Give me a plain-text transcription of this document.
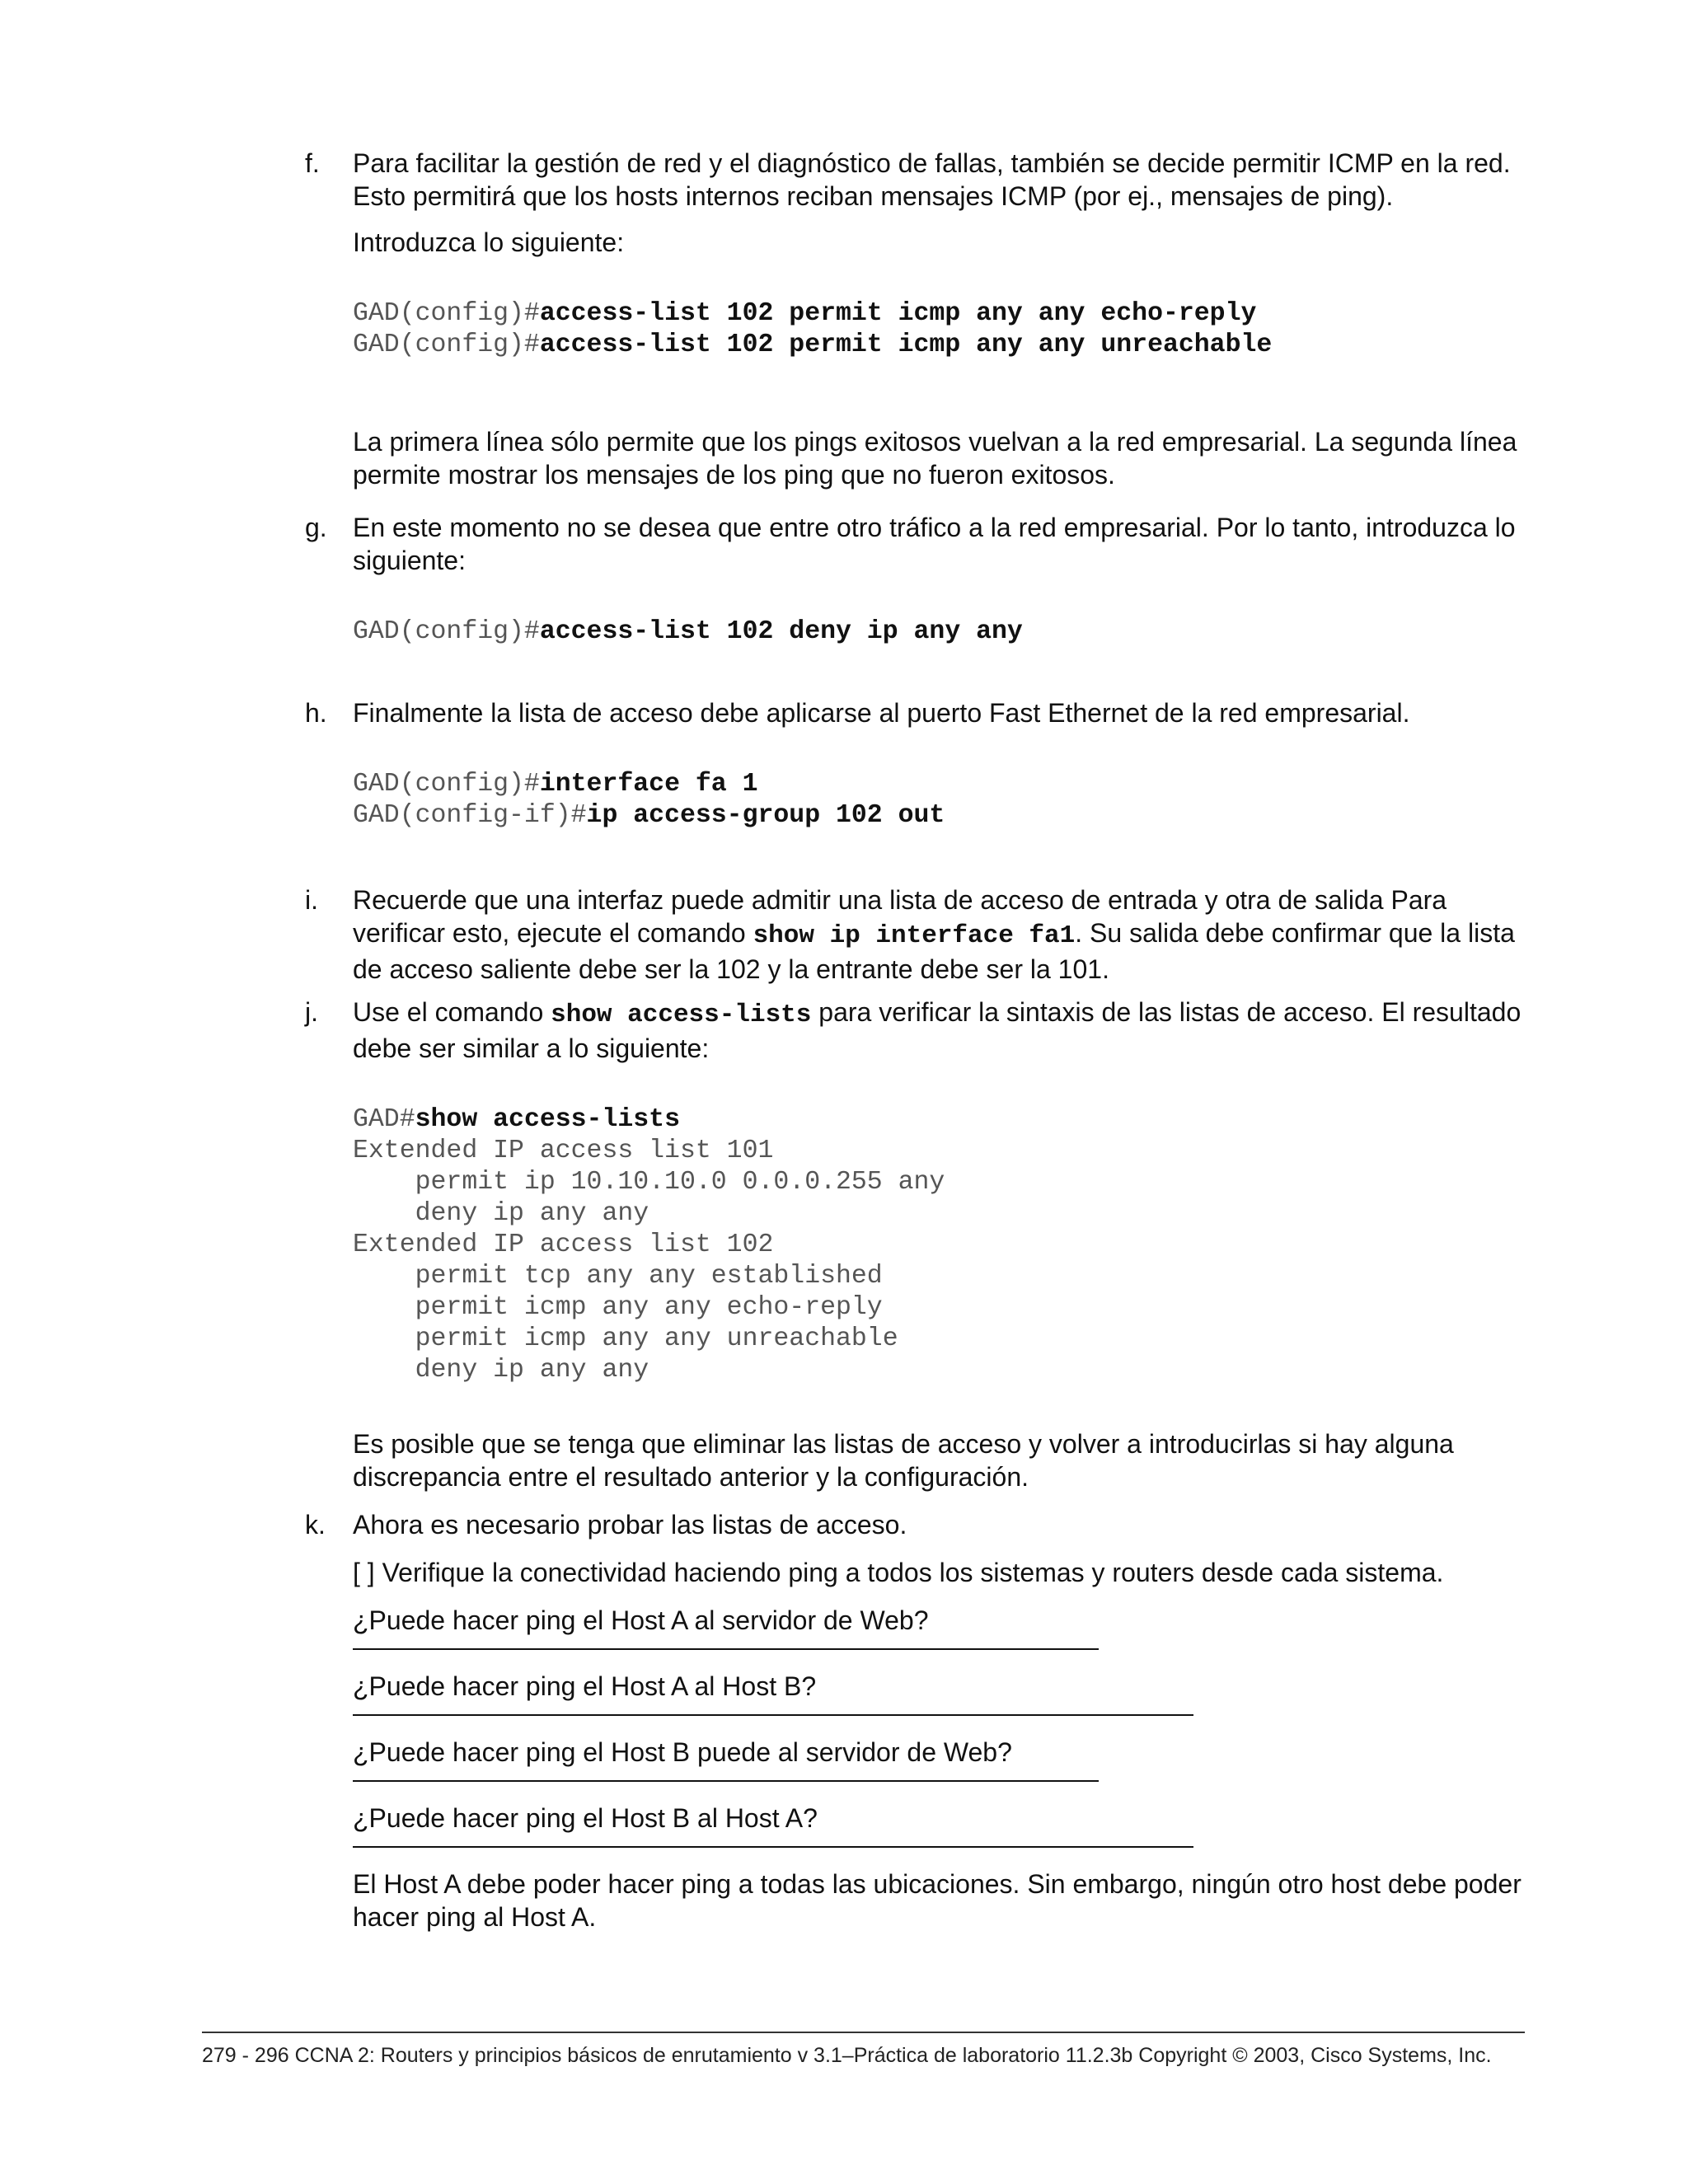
f. Para facilitar la gestión de red y el diagnóstico de fallas, también se decide permitir ICMP en la red. Esto permitirá que los hosts internos reciban mensajes ICMP (por ej., mensajes de ping).

Introduzca lo siguiente:

GAD(config)#access-list 102 permit icmp any any echo-reply
GAD(config)#access-list 102 permit icmp any any unreachable

La primera línea sólo permite que los pings exitosos vuelvan a la red empresarial. La segunda línea permite mostrar los mensajes de los ping que no fueron exitosos.

g. En este momento no se desea que entre otro tráfico a la red empresarial. Por lo tanto, introduzca lo siguiente:

GAD(config)#access-list 102 deny ip any any
h. Finalmente la lista de acceso debe aplicarse al puerto Fast Ethernet de la red empresarial.

GAD(config)#interface fa 1
GAD(config-if)#ip access-group 102 out
i. Recuerde que una interfaz puede admitir una lista de acceso de entrada y otra de salida Para verificar esto, ejecute el comando show ip interface fa1. Su salida debe confirmar que la lista de acceso saliente debe ser la 102 y la entrante debe ser la 101.

j. Use el comando show access-lists para verificar la sintaxis de las listas de acceso. El resultado debe ser similar a lo siguiente:

GAD#show access-lists
Extended IP access list 101
permit ip 10.10.10.0 0.0.0.255 any
deny ip any any
Extended IP access list 102
permit tcp any any established
permit icmp any any echo-reply
permit icmp any any unreachable
deny ip any any

Es posible que se tenga que eliminar las listas de acceso y volver a introducirlas si hay alguna discrepancia entre el resultado anterior y la configuración.

k. Ahora es necesario probar las listas de acceso.

[ ] Verifique la conectividad haciendo ping a todos los sistemas y routers desde cada sistema.

¿Puede hacer ping el Host A al servidor de Web?

¿Puede hacer ping el Host A al Host B?

¿Puede hacer ping el Host B puede al servidor de Web?

¿Puede hacer ping el Host B al Host A?

El Host A debe poder hacer ping a todas las ubicaciones. Sin embargo, ningún otro host debe poder hacer ping al Host A.

279 - 296 CCNA 2: Routers y principios básicos de enrutamiento v 3.1–Práctica de laboratorio 11.2.3b Copyright © 2003, Cisco Systems, Inc.
